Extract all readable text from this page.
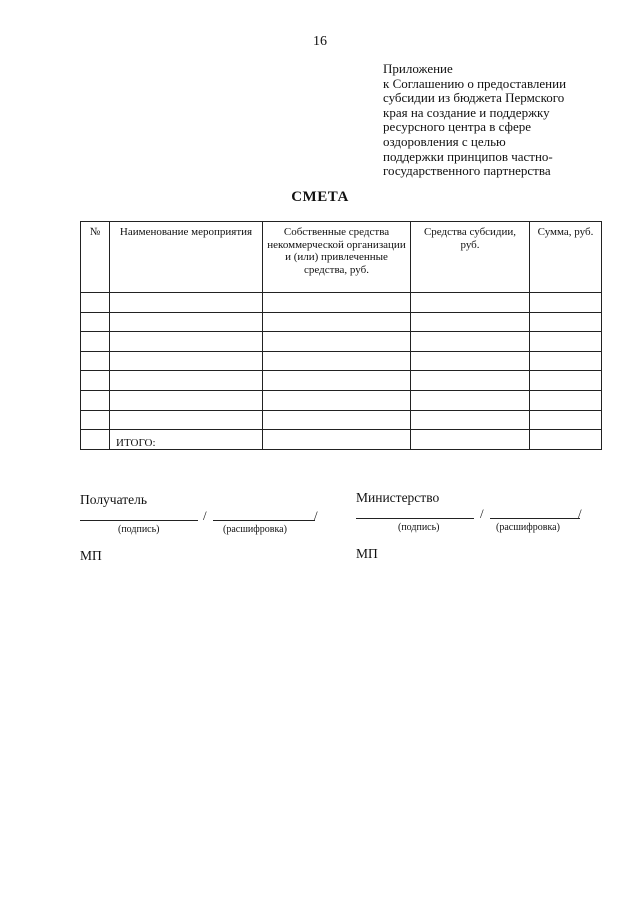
16
Приложение
к Соглашению о предоставлении
субсидии из бюджета Пермского
края на создание и поддержку
ресурсного центра в сфере
оздоровления с целью
поддержки принципов частно-
государственного партнерства
СМЕТА
№	Наименование мероприятия	Собственные средства некоммерческой организации и (или) привлеченные средства, руб.	Средства субсидии, руб.	Сумма, руб.

	ИТОГО:			
Получатель
/	/
(подпись)	(расшифровка)
МП
Министерство
/	/
(подпись)	(расшифровка)
МП
